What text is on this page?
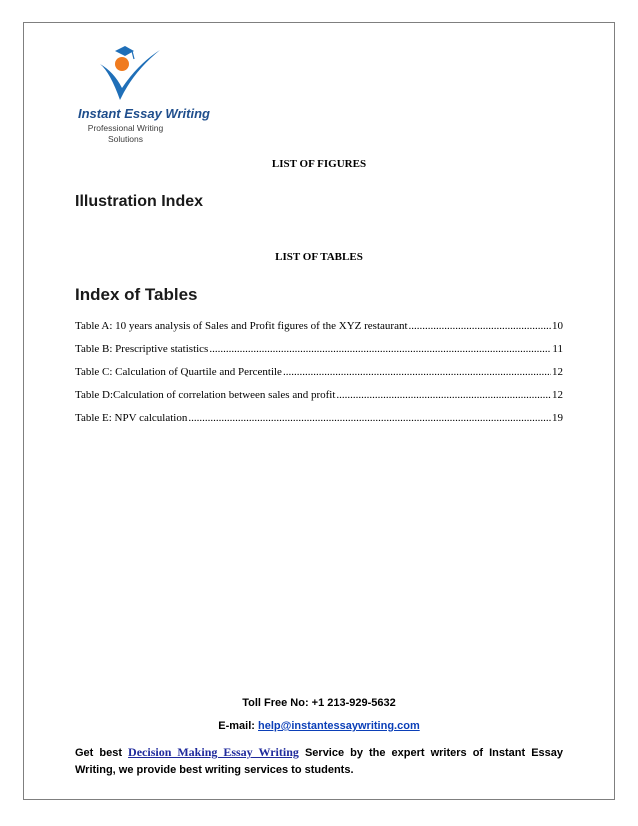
Instant Essay Writing
Professional Writing Solutions
LIST OF FIGURES
Illustration Index
LIST OF TABLES
Index of Tables
Table A: 10 years analysis of Sales and Profit figures of the XYZ restaurant .....	10
Table B: Prescriptive statistics .....	11
Table C: Calculation of Quartile and Percentile .....	12
Table D:Calculation of correlation between sales and profit .....	12
Table E: NPV calculation .....	19
Toll Free No: +1 213-929-5632
E-mail: help@instantessaywriting.com
Get best Decision Making Essay Writing Service by the expert writers of Instant Essay Writing, we provide best writing services to students.
